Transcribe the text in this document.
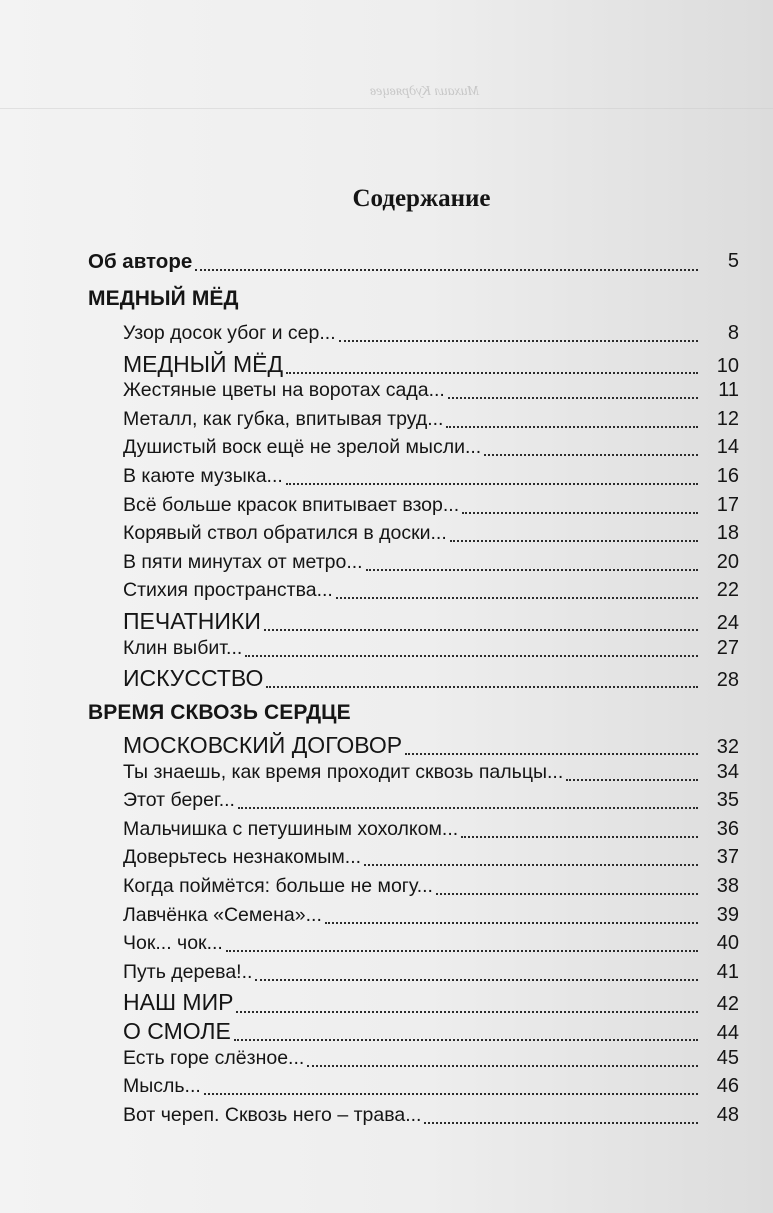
Михаил Кудрявцев
Содержание
Об авторе	5
МЕДНЫЙ МЁД
Узор досок убог и сер...	8
МЕДНЫЙ МЁД	10
Жестяные цветы на воротах сада...	11
Металл, как губка, впитывая труд...	12
Душистый воск ещё не зрелой мысли...	14
В каюте музыка...	16
Всё больше красок впитывает взор...	17
Корявый ствол обратился в доски...	18
В пяти минутах от метро...	20
Стихия пространства...	22
ПЕЧАТНИКИ	24
Клин выбит...	27
ИСКУССТВО	28
ВРЕМЯ СКВОЗЬ СЕРДЦЕ
МОСКОВСКИЙ ДОГОВОР	32
Ты знаешь, как время проходит сквозь пальцы...	34
Этот берег...	35
Мальчишка с петушиным хохолком...	36
Доверьтесь незнакомым...	37
Когда поймётся: больше не могу...	38
Лавчёнка «Семена»...	39
Чок... чок...	40
Путь дерева!..	41
НАШ МИР	42
О СМОЛЕ	44
Есть горе слёзное...	45
Мысль...	46
Вот череп. Сквозь него – трава...	48
